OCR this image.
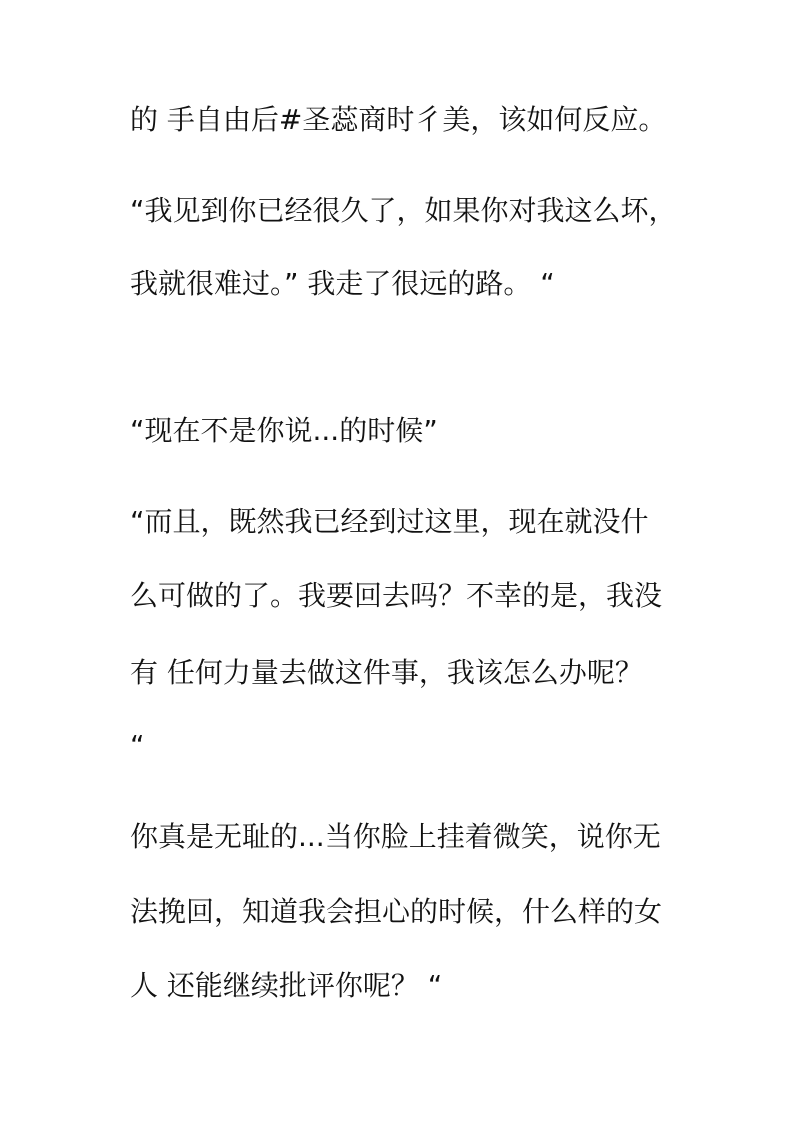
的 手自由后#圣蕊商时彳美，该如何反应。
“我见到你已经很久了，如果你对我这么坏，
我就很难过。” 我走了很远的路。 “
“现在不是你说...的时候”
“而且，既然我已经到过这里，现在就没什
么可做的了。我要回去吗？不幸的是，我没
有 任何力量去做这件事，我该怎么办呢？
“
你真是无耻的...当你脸上挂着微笑，说你无
法挽回，知道我会担心的时候，什么样的女
人 还能继续批评你呢？ “
